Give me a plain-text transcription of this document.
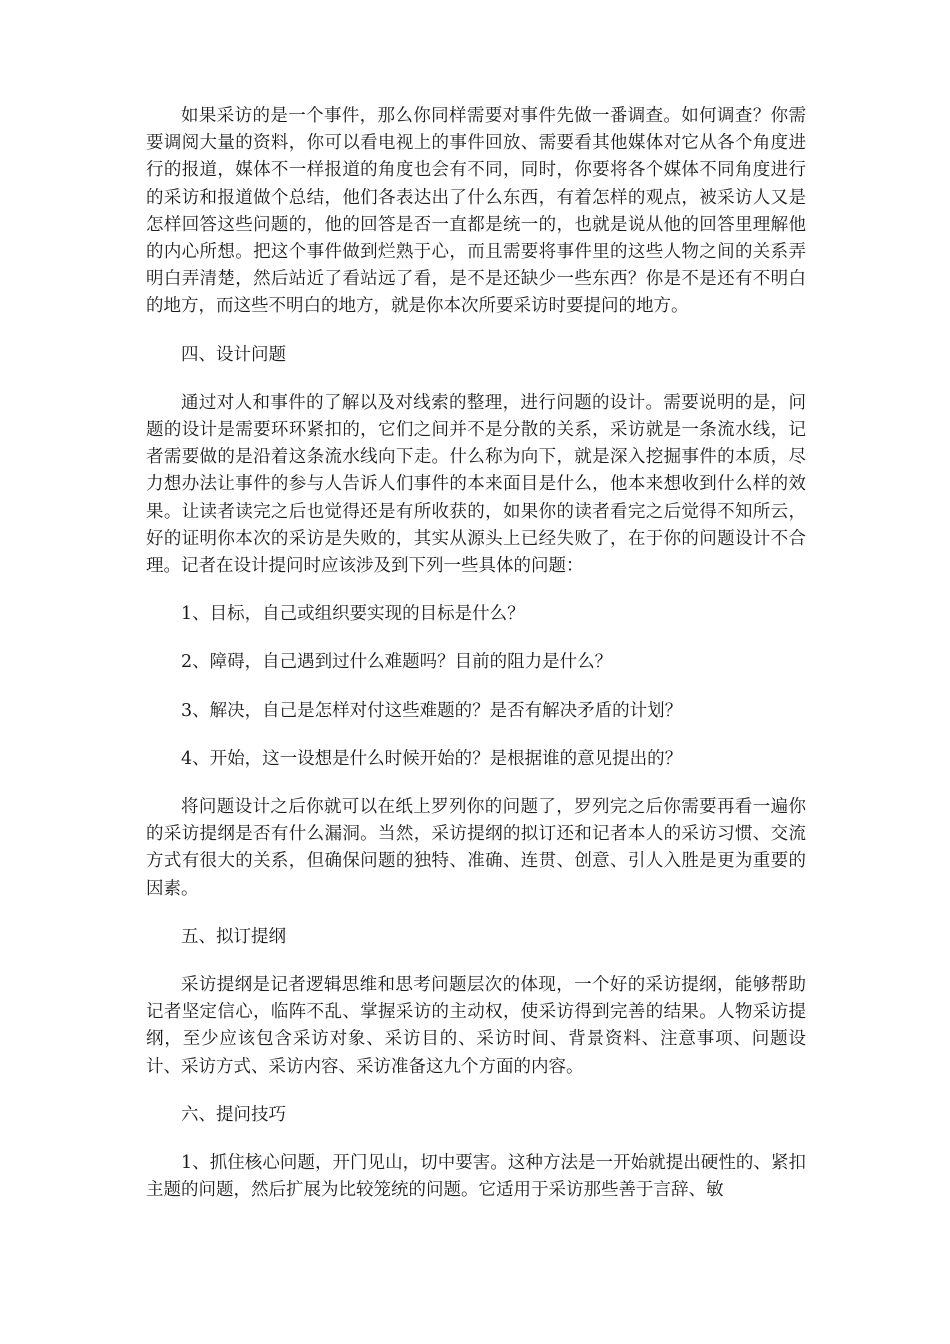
如果采访的是一个事件，那么你同样需要对事件先做一番调查。如何调查？你需要调阅大量的资料，你可以看电视上的事件回放、需要看其他媒体对它从各个角度进行的报道，媒体不一样报道的角度也会有不同，同时，你要将各个媒体不同角度进行的采访和报道做个总结，他们各表达出了什么东西，有着怎样的观点，被采访人又是怎样回答这些问题的，他的回答是否一直都是统一的，也就是说从他的回答里理解他的内心所想。把这个事件做到烂熟于心，而且需要将事件里的这些人物之间的关系弄明白弄清楚，然后站近了看站远了看，是不是还缺少一些东西？你是不是还有不明白的地方，而这些不明白的地方，就是你本次所要采访时要提问的地方。

四、设计问题

通过对人和事件的了解以及对线索的整理，进行问题的设计。需要说明的是，问题的设计是需要环环紧扣的，它们之间并不是分散的关系，采访就是一条流水线，记者需要做的是沿着这条流水线向下走。什么称为向下，就是深入挖掘事件的本质，尽力想办法让事件的参与人告诉人们事件的本来面目是什么，他本来想收到什么样的效果。让读者读完之后也觉得还是有所收获的，如果你的读者看完之后觉得不知所云，好的证明你本次的采访是失败的，其实从源头上已经失败了，在于你的问题设计不合理。记者在设计提问时应该涉及到下列一些具体的问题：

1、目标，自己或组织要实现的目标是什么？

2、障碍，自己遇到过什么难题吗？目前的阻力是什么？

3、解决，自己是怎样对付这些难题的？是否有解决矛盾的计划？

4、开始，这一设想是什么时候开始的？是根据谁的意见提出的？

将问题设计之后你就可以在纸上罗列你的问题了，罗列完之后你需要再看一遍你的采访提纲是否有什么漏洞。当然，采访提纲的拟订还和记者本人的采访习惯、交流方式有很大的关系，但确保问题的独特、准确、连贯、创意、引人入胜是更为重要的因素。

五、拟订提纲

采访提纲是记者逻辑思维和思考问题层次的体现，一个好的采访提纲，能够帮助记者坚定信心，临阵不乱、掌握采访的主动权，使采访得到完善的结果。人物采访提纲，至少应该包含采访对象、采访目的、采访时间、背景资料、注意事项、问题设计、采访方式、采访内容、采访准备这九个方面的内容。

六、提问技巧

1、抓住核心问题，开门见山，切中要害。这种方法是一开始就提出硬性的、紧扣主题的问题，然后扩展为比较笼统的问题。它适用于采访那些善于言辞、敏
